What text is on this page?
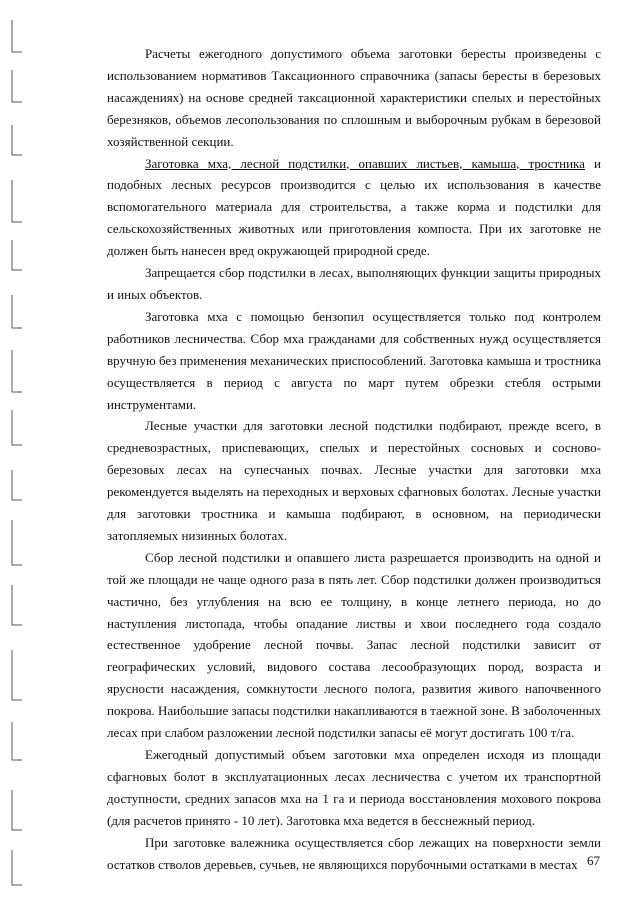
Расчеты ежегодного допустимого объема заготовки бересты произведены с использованием нормативов Таксационного справочника (запасы бересты в березовых насаждениях) на основе средней таксационной характеристики спелых и перестойных березняков, объемов лесопользования по сплошным и выборочным рубкам в березовой хозяйственной секции.

Заготовка мха, лесной подстилки, опавших листьев, камыша, тростника и подобных лесных ресурсов производится с целью их использования в качестве вспомогательного материала для строительства, а также корма и подстилки для сельскохозяйственных животных или приготовления компоста. При их заготовке не должен быть нанесен вред окружающей природной среде.

Запрещается сбор подстилки в лесах, выполняющих функции защиты природных и иных объектов.

Заготовка мха с помощью бензопил осуществляется только под контролем работников лесничества. Сбор мха гражданами для собственных нужд осуществляется вручную без применения механических приспособлений. Заготовка камыша и тростника осуществляется в период с августа по март путем обрезки стебля острыми инструментами.

Лесные участки для заготовки лесной подстилки подбирают, прежде всего, в средневозрастных, приспевающих, спелых и перестойных сосновых и сосново-березовых лесах на супесчаных почвах. Лесные участки для заготовки мха рекомендуется выделять на переходных и верховых сфагновых болотах. Лесные участки для заготовки тростника и камыша подбирают, в основном, на периодически затопляемых низинных болотах.

Сбор лесной подстилки и опавшего листа разрешается производить на одной и той же площади не чаще одного раза в пять лет. Сбор подстилки должен производиться частично, без углубления на всю ее толщину, в конце летнего периода, но до наступления листопада, чтобы опадание листвы и хвои последнего года создало естественное удобрение лесной почвы. Запас лесной подстилки зависит от географических условий, видового состава лесообразующих пород, возраста и ярусности насаждения, сомкнутости лесного полога, развития живого напочвенного покрова. Наибольшие запасы подстилки накапливаются в таежной зоне. В заболоченных лесах при слабом разложении лесной подстилки запасы её могут достигать 100 т/га.

Ежегодный допустимый объем заготовки мха определен исходя из площади сфагновых болот в эксплуатационных лесах лесничества с учетом их транспортной доступности, средних запасов мха на 1 га и периода восстановления мохового покрова (для расчетов принято - 10 лет). Заготовка мха ведется в бесснежный период.

При заготовке валежника осуществляется сбор лежащих на поверхности земли остатков стволов деревьев, сучьев, не являющихся порубочными остатками в местах 67
